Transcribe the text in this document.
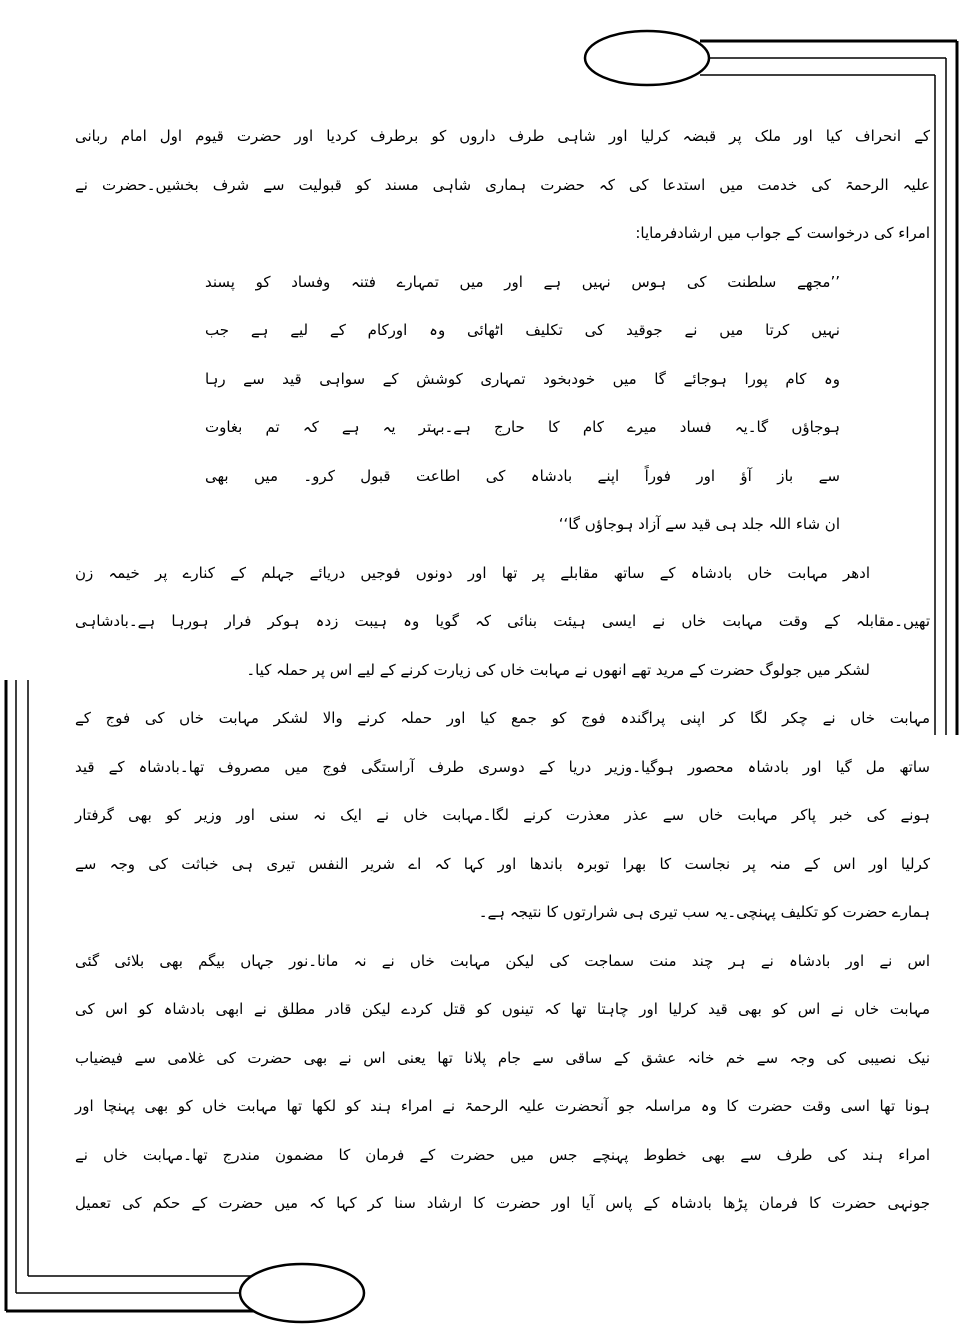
کے انحراف کیا اور ملک پر قبضہ کرلیا اور شاہی طرف داروں کو برطرف کردیا اور حضرت قیوم اول امام ربانی
علیہ الرحمۃ کی خدمت میں استدعا کی کہ حضرت ہماری شاہی مسند کو قبولیت سے شرف بخشیں۔حضرت نے
امراء کی درخواست کے جواب میں ارشادفرمایا:
’’مجھے سلطنت کی ہوس نہیں ہے اور میں تمہارے فتنہ وفساد کو پسند
نہیں کرتا میں نے جوقید کی تکلیف اٹھائی وہ اورکام کے لیے ہے جب
وہ کام پورا ہوجائے گا میں خودبخود تمہاری کوشش کے سواہی قید سے رہا
ہوجاؤں گا۔یہ فساد میرے کام کا حارج ہے۔بہتر یہ ہے کہ تم بغاوت
سے باز آؤ اور فوراً اپنے بادشاہ کی اطاعت قبول کرو۔ میں بھی
ان شاء اللہ جلد ہی قید سے آزاد ہوجاؤں گا‘‘
ادھر مہابت خاں بادشاہ کے ساتھ مقابلے پر تھا اور دونوں فوجیں دریائے جہلم کے کنارے پر خیمہ زن
تھیں۔مقابلہ کے وقت مہابت خاں نے ایسی ہیئت بنائی کہ گویا وہ ہیبت زدہ ہوکر فرار ہورہا ہے۔بادشاہی
لشکر میں جولوگ حضرت کے مرید تھے انھوں نے مہابت خاں کی زیارت کرنے کے لیے اس پر حملہ کیا۔
مہابت خاں نے چکر لگا کر اپنی پراگندہ فوج کو جمع کیا اور حملہ کرنے والا لشکر مہابت خاں کی فوج کے
ساتھ مل گیا اور بادشاہ محصور ہوگیا۔وزیر دریا کے دوسری طرف آراستگی فوج میں مصروف تھا۔بادشاہ کے قید
ہونے کی خبر پاکر مہابت خاں سے عذر معذرت کرنے لگا۔مہابت خاں نے ایک نہ سنی اور وزیر کو بھی گرفتار
کرلیا اور اس کے منہ پر نجاست کا بھرا توبرہ باندھا اور کہا کہ اے شریر النفس تیری ہی خباثت کی وجہ سے
ہمارے حضرت کو تکلیف پہنچی۔یہ سب تیری ہی شرارتوں کا نتیجہ ہے۔
اس نے اور بادشاہ نے ہر چند منت سماجت کی لیکن مہابت خاں نے نہ مانا۔نور جہاں بیگم بھی بلائی گئی
مہابت خاں نے اس کو بھی قید کرلیا اور چاہتا تھا کہ تینوں کو قتل کردے لیکن قادر مطلق نے ابھی بادشاہ کو اس کی
نیک نصیبی کی وجہ سے خم خانہ عشق کے ساقی سے جام پلانا تھا یعنی اس نے بھی حضرت کی غلامی سے فیضیاب
ہونا تھا اسی وقت حضرت کا وہ مراسلہ جو آنحضرت علیہ الرحمۃ نے امراء ہند کو لکھا تھا مہابت خاں کو بھی پہنچا اور
امراء ہند کی طرف سے بھی خطوط پہنچے جس میں حضرت کے فرمان کا مضمون مندرج تھا۔مہابت خاں نے
جونہی حضرت کا فرمان پڑھا بادشاہ کے پاس آیا اور حضرت کا ارشاد سنا کر کہا کہ میں حضرت کے حکم کی تعمیل
